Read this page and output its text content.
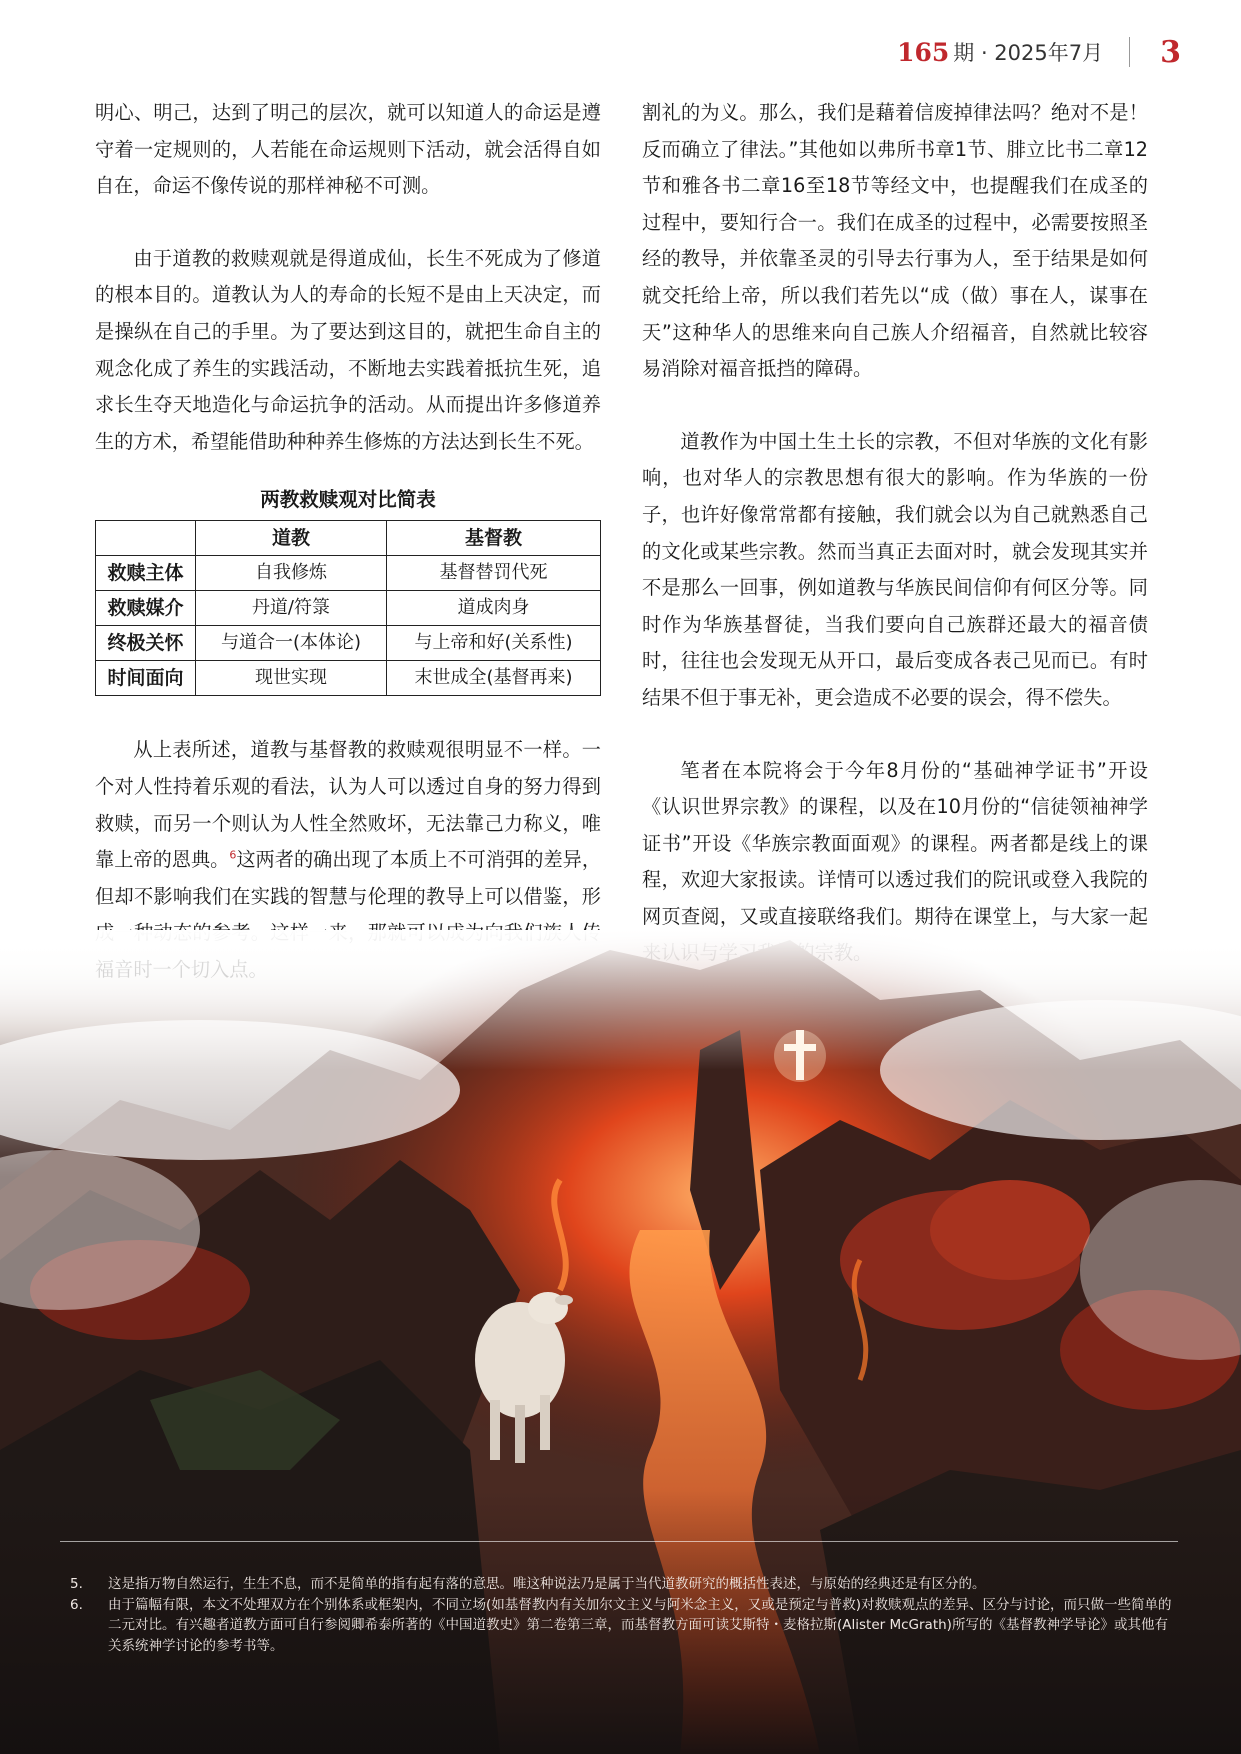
165 期 · 2025年7月 3

明心、明己，达到了明己的层次，就可以知道人的命运是遵守着一定规则的，人若能在命运规则下活动，就会活得自如自在，命运不像传说的那样神秘不可测。

由于道教的救赎观就是得道成仙，长生不死成为了修道的根本目的。道教认为人的寿命的长短不是由上天决定，而是操纵在自己的手里。为了要达到这目的，就把生命自主的观念化成了养生的实践活动，不断地去实践着抵抗生死，追求长生夺天地造化与命运抗争的活动。从而提出许多修道养生的方术，希望能借助种种养生修炼的方法达到长生不死。

两教救赎观对比简表
	道教	基督教
救赎主体	自我修炼	基督替罚代死
救赎媒介	丹道/符箓	道成肉身
终极关怀	与道合一(本体论)	与上帝和好(关系性)
时间面向	现世实现	末世成全(基督再来)

从上表所述，道教与基督教的救赎观很明显不一样。一个对人性持着乐观的看法，认为人可以透过自身的努力得到救赎，而另一个则认为人性全然败坏，无法靠己力称义，唯靠上帝的恩典。$^6$这两者的确出现了本质上不可消弭的差异，但却不影响我们在实践的智慧与伦理的教导上可以借鉴，形

割礼的为义。那么，我们是藉着信废掉律法吗？绝对不是！反而确立了律法。”其他如以弗所书章1节、腓立比书二章12节和雅各书二章16至18节等经文中，也提醒我们在成圣的过程中，要知行合一。我们在成圣的过程中，必需要按照圣经的教导，并依靠圣灵的引导去行事为人，至于结果是如何就交托给上帝，所以我们若先以“成（做）事在人，谋事在天”这种华人的思维来向自己族人介绍福音，自然就比较容易消除对福音抵挡的障碍。

道教作为中国土生土长的宗教，不但对华族的文化有影响，也对华人的宗教思想有很大的影响。作为华族的一份子，也许好像常常都有接触，我们就会以为自己就熟悉自己的文化或某些宗教。然而当真正去面对时，就会发现其实并不是那么一回事，例如道教与华族民间信仰有何区分等。同时作为华族基督徒，当我们要向自己族群还最大的福音债时，往往也会发现无从开口，最后变成各表己见而已。有时结果不但于事无补，更会造成不必要的误会，得不偿失。

笔者在本院将会于今年8月份的“基础神学证书”开设《认识世界宗教》的课程，以及在10月份的“信徒领袖神学证书”开设《华族宗教面面观》的课程。两者都是线上的课程，欢迎大家报读。详情可以透过我们的院讯或登入我院的网页查阅，又或直接联络我们。期待在课堂上，与大家一起

5.	这是指万物自然运行，生生不息，而不是简单的指有起有落的意思。唯这种说法乃是属于当代道教研究的概括性表述，与原始的经典还是有区分的。
6.	由于篇幅有限，本文不处理双方在个别体系或框架内，不同立场(如基督教内有关加尔文主义与阿米念主义，又或是预定与普救)对救赎观点的差异、区分与讨论，而只做一些简单的二元对比。有兴趣者道教方面可自行参阅卿希泰所著的《中国道教史》第二卷第三章，而基督教方面可读艾斯特・麦格拉斯(Alister McGrath)所写的《基督教神学导论》或其他有关系统神学讨论的参考书等。
